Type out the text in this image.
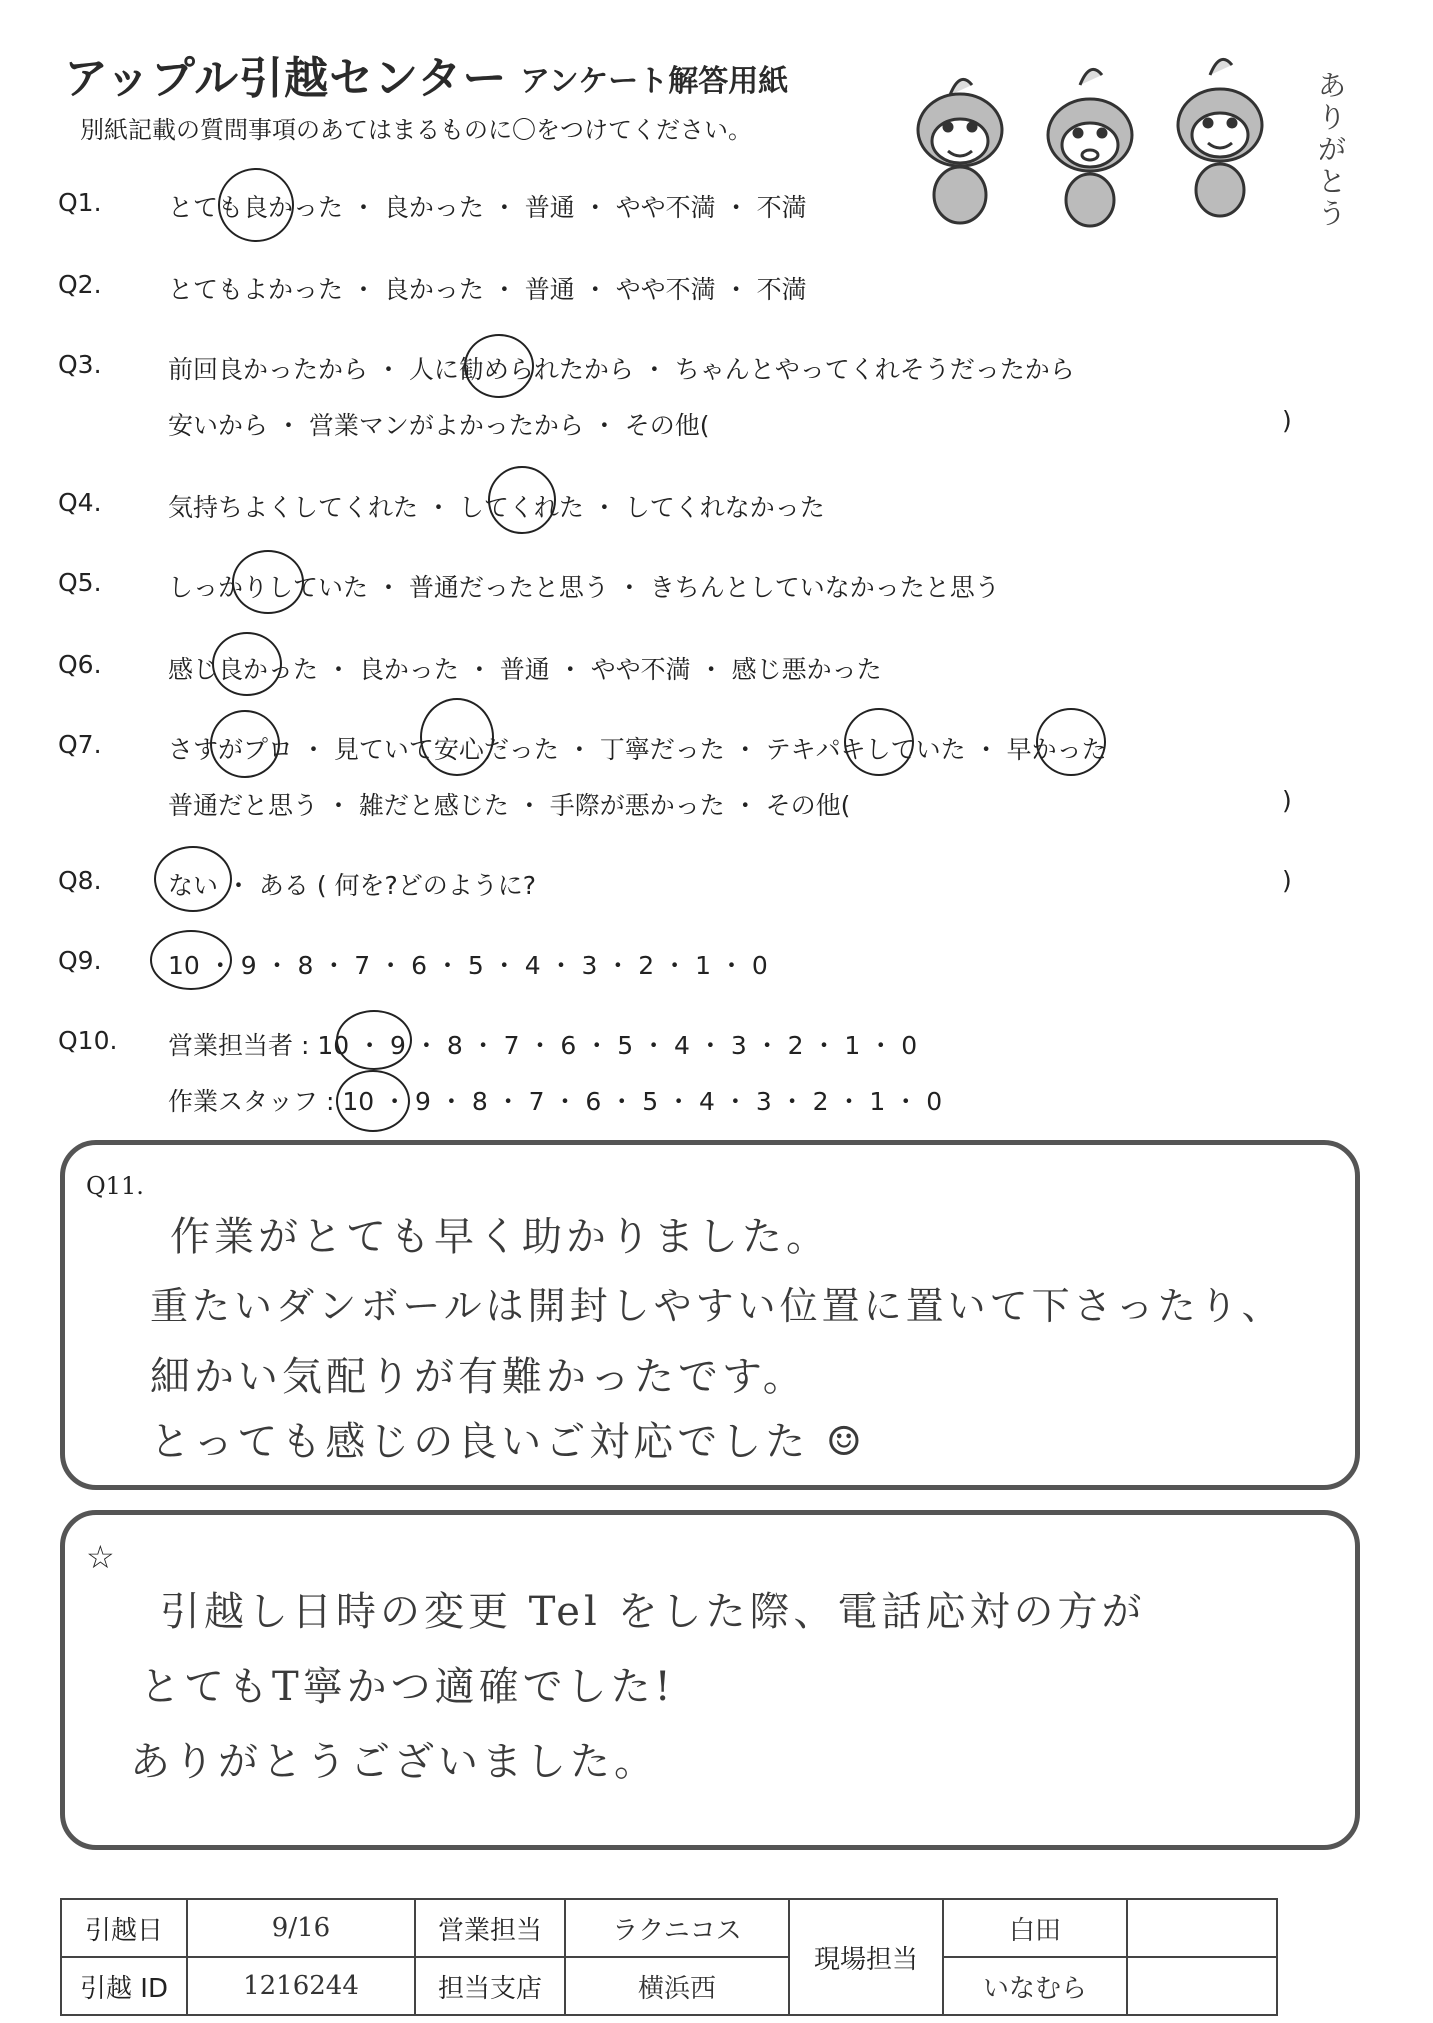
アップル引越センター アンケート解答用紙
別紙記載の質問事項のあてはまるものに〇をつけてください。
ありがとう
Q1.	とても良かった ・ 良かった ・ 普通 ・ やや不満 ・ 不満
Q2.	とてもよかった ・ 良かった ・ 普通 ・ やや不満 ・ 不満
Q3.	前回良かったから ・ 人に勧められたから ・ ちゃんとやってくれそうだったから
安いから ・ 営業マンがよかったから ・ その他(	)
Q4.	気持ちよくしてくれた ・ してくれた ・ してくれなかった
Q5.	しっかりしていた ・ 普通だったと思う ・ きちんとしていなかったと思う
Q6.	感じ良かった ・ 良かった ・ 普通 ・ やや不満 ・ 感じ悪かった
Q7.	さすがプロ ・ 見ていて安心だった ・ 丁寧だった ・ テキパキしていた ・ 早かった
普通だと思う ・ 雑だと感じた ・ 手際が悪かった ・ その他(	)
Q8.	ない ・ ある ( 何を?どのように?	)
Q9.	10 ・ 9 ・ 8 ・ 7 ・ 6 ・ 5 ・ 4 ・ 3 ・ 2 ・ 1 ・ 0
Q10. 営業担当者 : 10 ・ 9 ・ 8 ・ 7 ・ 6 ・ 5 ・ 4 ・ 3 ・ 2 ・ 1 ・ 0
作業スタッフ : 10 ・ 9 ・ 8 ・ 7 ・ 6 ・ 5 ・ 4 ・ 3 ・ 2 ・ 1 ・ 0
Q11.
作業がとても早く助かりました。
重たいダンボールは開封しやすい位置に置いて下さったり、
細かい気配りが有難かったです。
とっても感じの良いご対応でした ☺
☆
引越し日時の変更 Tel をした際、電話応対の方が
とてもT寧かつ適確でした!
ありがとうございました。
引越日	9/16	営業担当	ラクニコス	現場担当	白田	
引越 ID	1216244	担当支店	横浜西		いなむら	
